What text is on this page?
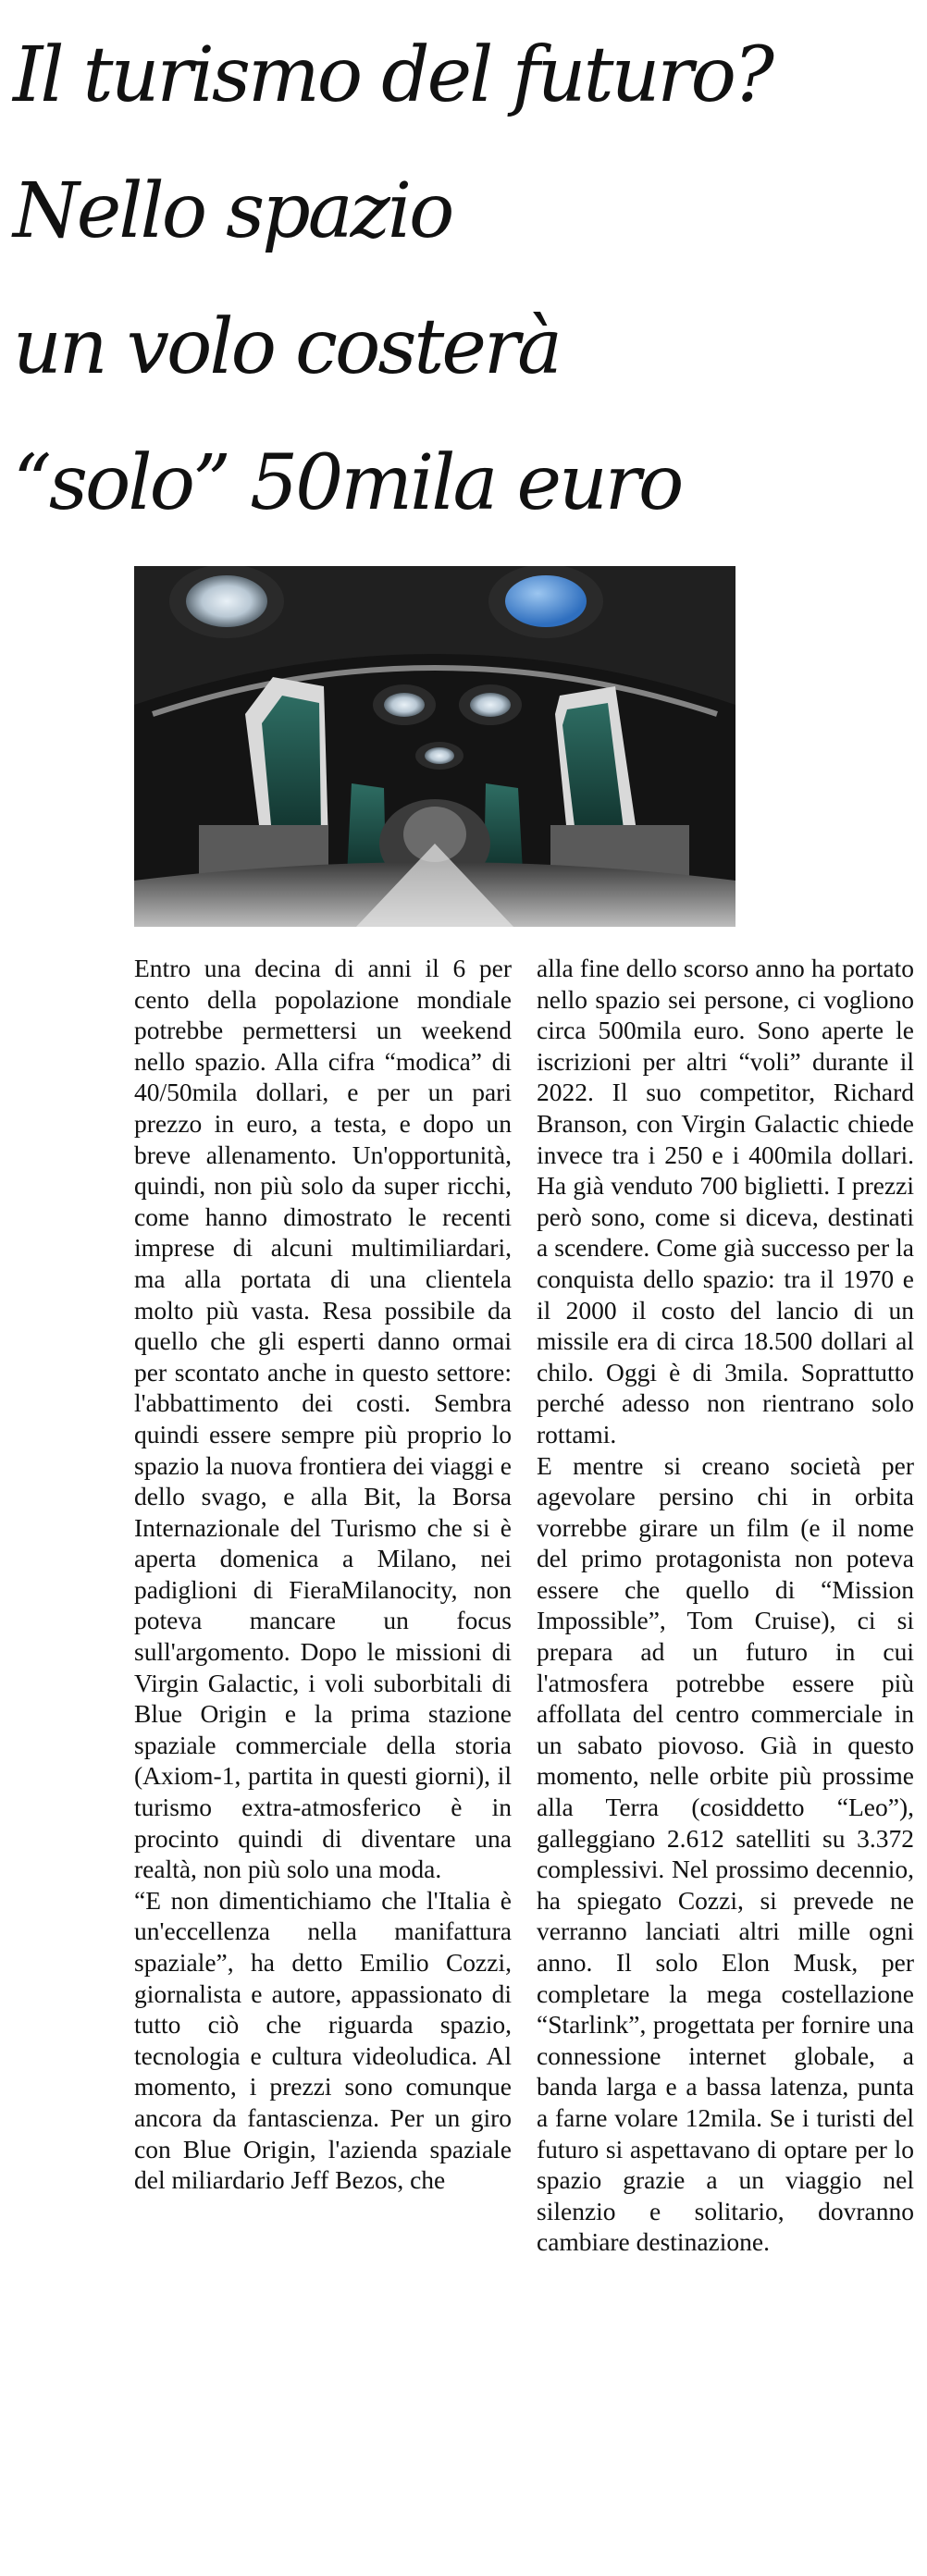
Il turismo del futuro?
Nello spazio
un volo costerà
“solo” 50mila euro

Entro una decina di anni il 6 per cento della popolazione mondiale potrebbe permettersi un weekend nello spazio. Alla cifra “modica” di 40/50mila dollari, e per un pari prezzo in euro, a testa, e dopo un breve allenamento. Un'opportunità, quindi, non più solo da super ricchi, come hanno dimostrato le recenti imprese di alcuni multimiliardari, ma alla portata di una clientela molto più vasta. Resa possibile da quello che gli esperti danno ormai per scontato anche in questo settore: l'abbattimento dei costi. Sembra quindi essere sempre più proprio lo spazio la nuova frontiera dei viaggi e dello svago, e alla Bit, la Borsa Internazionale del Turismo che si è aperta domenica a Milano, nei padiglioni di FieraMilanocity, non poteva mancare un focus sull'argomento. Dopo le missioni di Virgin Galactic, i voli suborbitali di Blue Origin e la prima stazione spaziale commerciale della storia (Axiom-1, partita in questi giorni), il turismo extra-atmosferico è in procinto quindi di diventare una realtà, non più solo una moda.

“E non dimentichiamo che l'Italia è un'eccellenza nella manifattura spaziale”, ha detto Emilio Cozzi, giornalista e autore, appassionato di tutto ciò che riguarda spazio, tecnologia e cultura videoludica. Al momento, i prezzi sono comunque ancora da fantascienza. Per un giro con Blue Origin, l'azienda spaziale del miliardario Jeff Bezos, che

alla fine dello scorso anno ha portato nello spazio sei persone, ci vogliono circa 500mila euro. Sono aperte le iscrizioni per altri “voli” durante il 2022. Il suo competitor, Richard Branson, con Virgin Galactic chiede invece tra i 250 e i 400mila dollari. Ha già venduto 700 biglietti. I prezzi però sono, come si diceva, destinati a scendere. Come già successo per la conquista dello spazio: tra il 1970 e il 2000 il costo del lancio di un missile era di circa 18.500 dollari al chilo. Oggi è di 3mila. Soprattutto perché adesso non rientrano solo rottami.

E mentre si creano società per agevolare persino chi in orbita vorrebbe girare un film (e il nome del primo protagonista non poteva essere che quello di “Mission Impossible”, Tom Cruise), ci si prepara ad un futuro in cui l'atmosfera potrebbe essere più affollata del centro commerciale in un sabato piovoso. Già in questo momento, nelle orbite più prossime alla Terra (cosiddetto “Leo”), galleggiano 2.612 satelliti su 3.372 complessivi. Nel prossimo decennio, ha spiegato Cozzi, si prevede ne verranno lanciati altri mille ogni anno. Il solo Elon Musk, per completare la mega costellazione “Starlink”, progettata per fornire una connessione internet globale, a banda larga e a bassa latenza, punta a farne volare 12mila. Se i turisti del futuro si aspettavano di optare per lo spazio grazie a un viaggio nel silenzio e solitario, dovranno cambiare destinazione.
